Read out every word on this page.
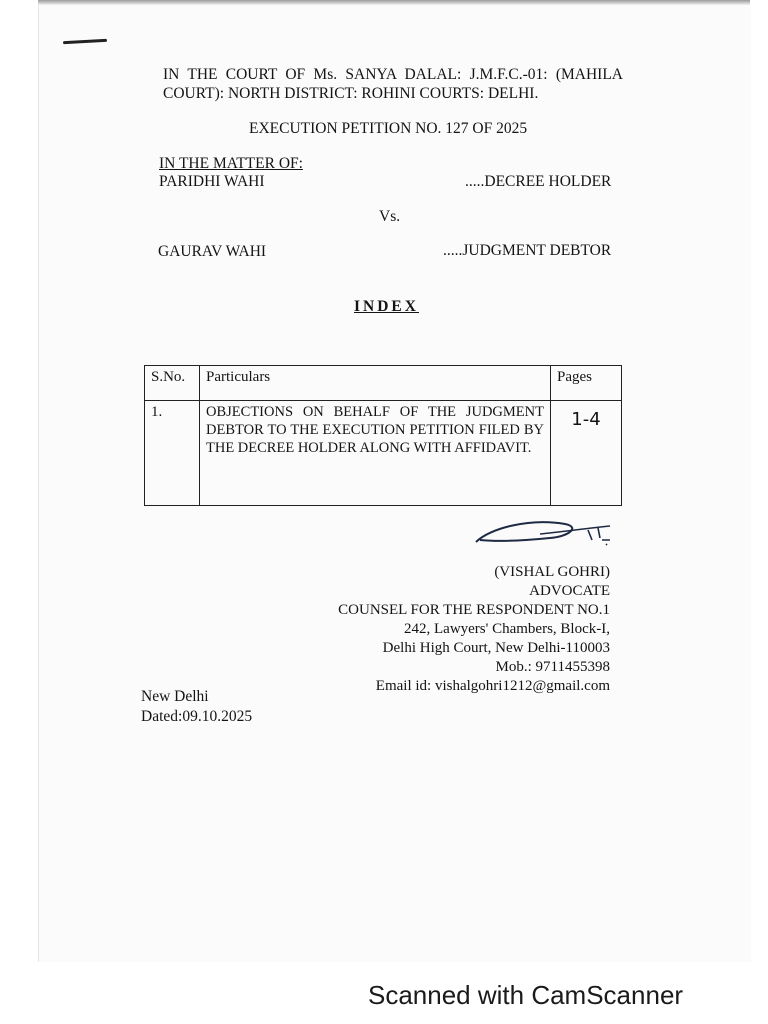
IN THE COURT OF Ms. SANYA DALAL: J.M.F.C.-01: (MAHILA COURT): NORTH DISTRICT: ROHINI COURTS: DELHI.
EXECUTION PETITION NO. 127 OF 2025
IN THE MATTER OF:
PARIDHI WAHI	.....DECREE HOLDER
Vs.
GAURAV WAHI	.....JUDGMENT DEBTOR
INDEX
S.No.	Particulars	Pages
1.	OBJECTIONS ON BEHALF OF THE JUDGMENT DEBTOR TO THE EXECUTION PETITION FILED BY THE DECREE HOLDER ALONG WITH AFFIDAVIT.	1-4
(VISHAL GOHRI)
ADVOCATE
COUNSEL FOR THE RESPONDENT NO.1
242, Lawyers' Chambers, Block-I,
Delhi High Court, New Delhi-110003
Mob.: 9711455398
Email id: vishalgohri1212@gmail.com
New Delhi
Dated:09.10.2025
Scanned with CamScanner
